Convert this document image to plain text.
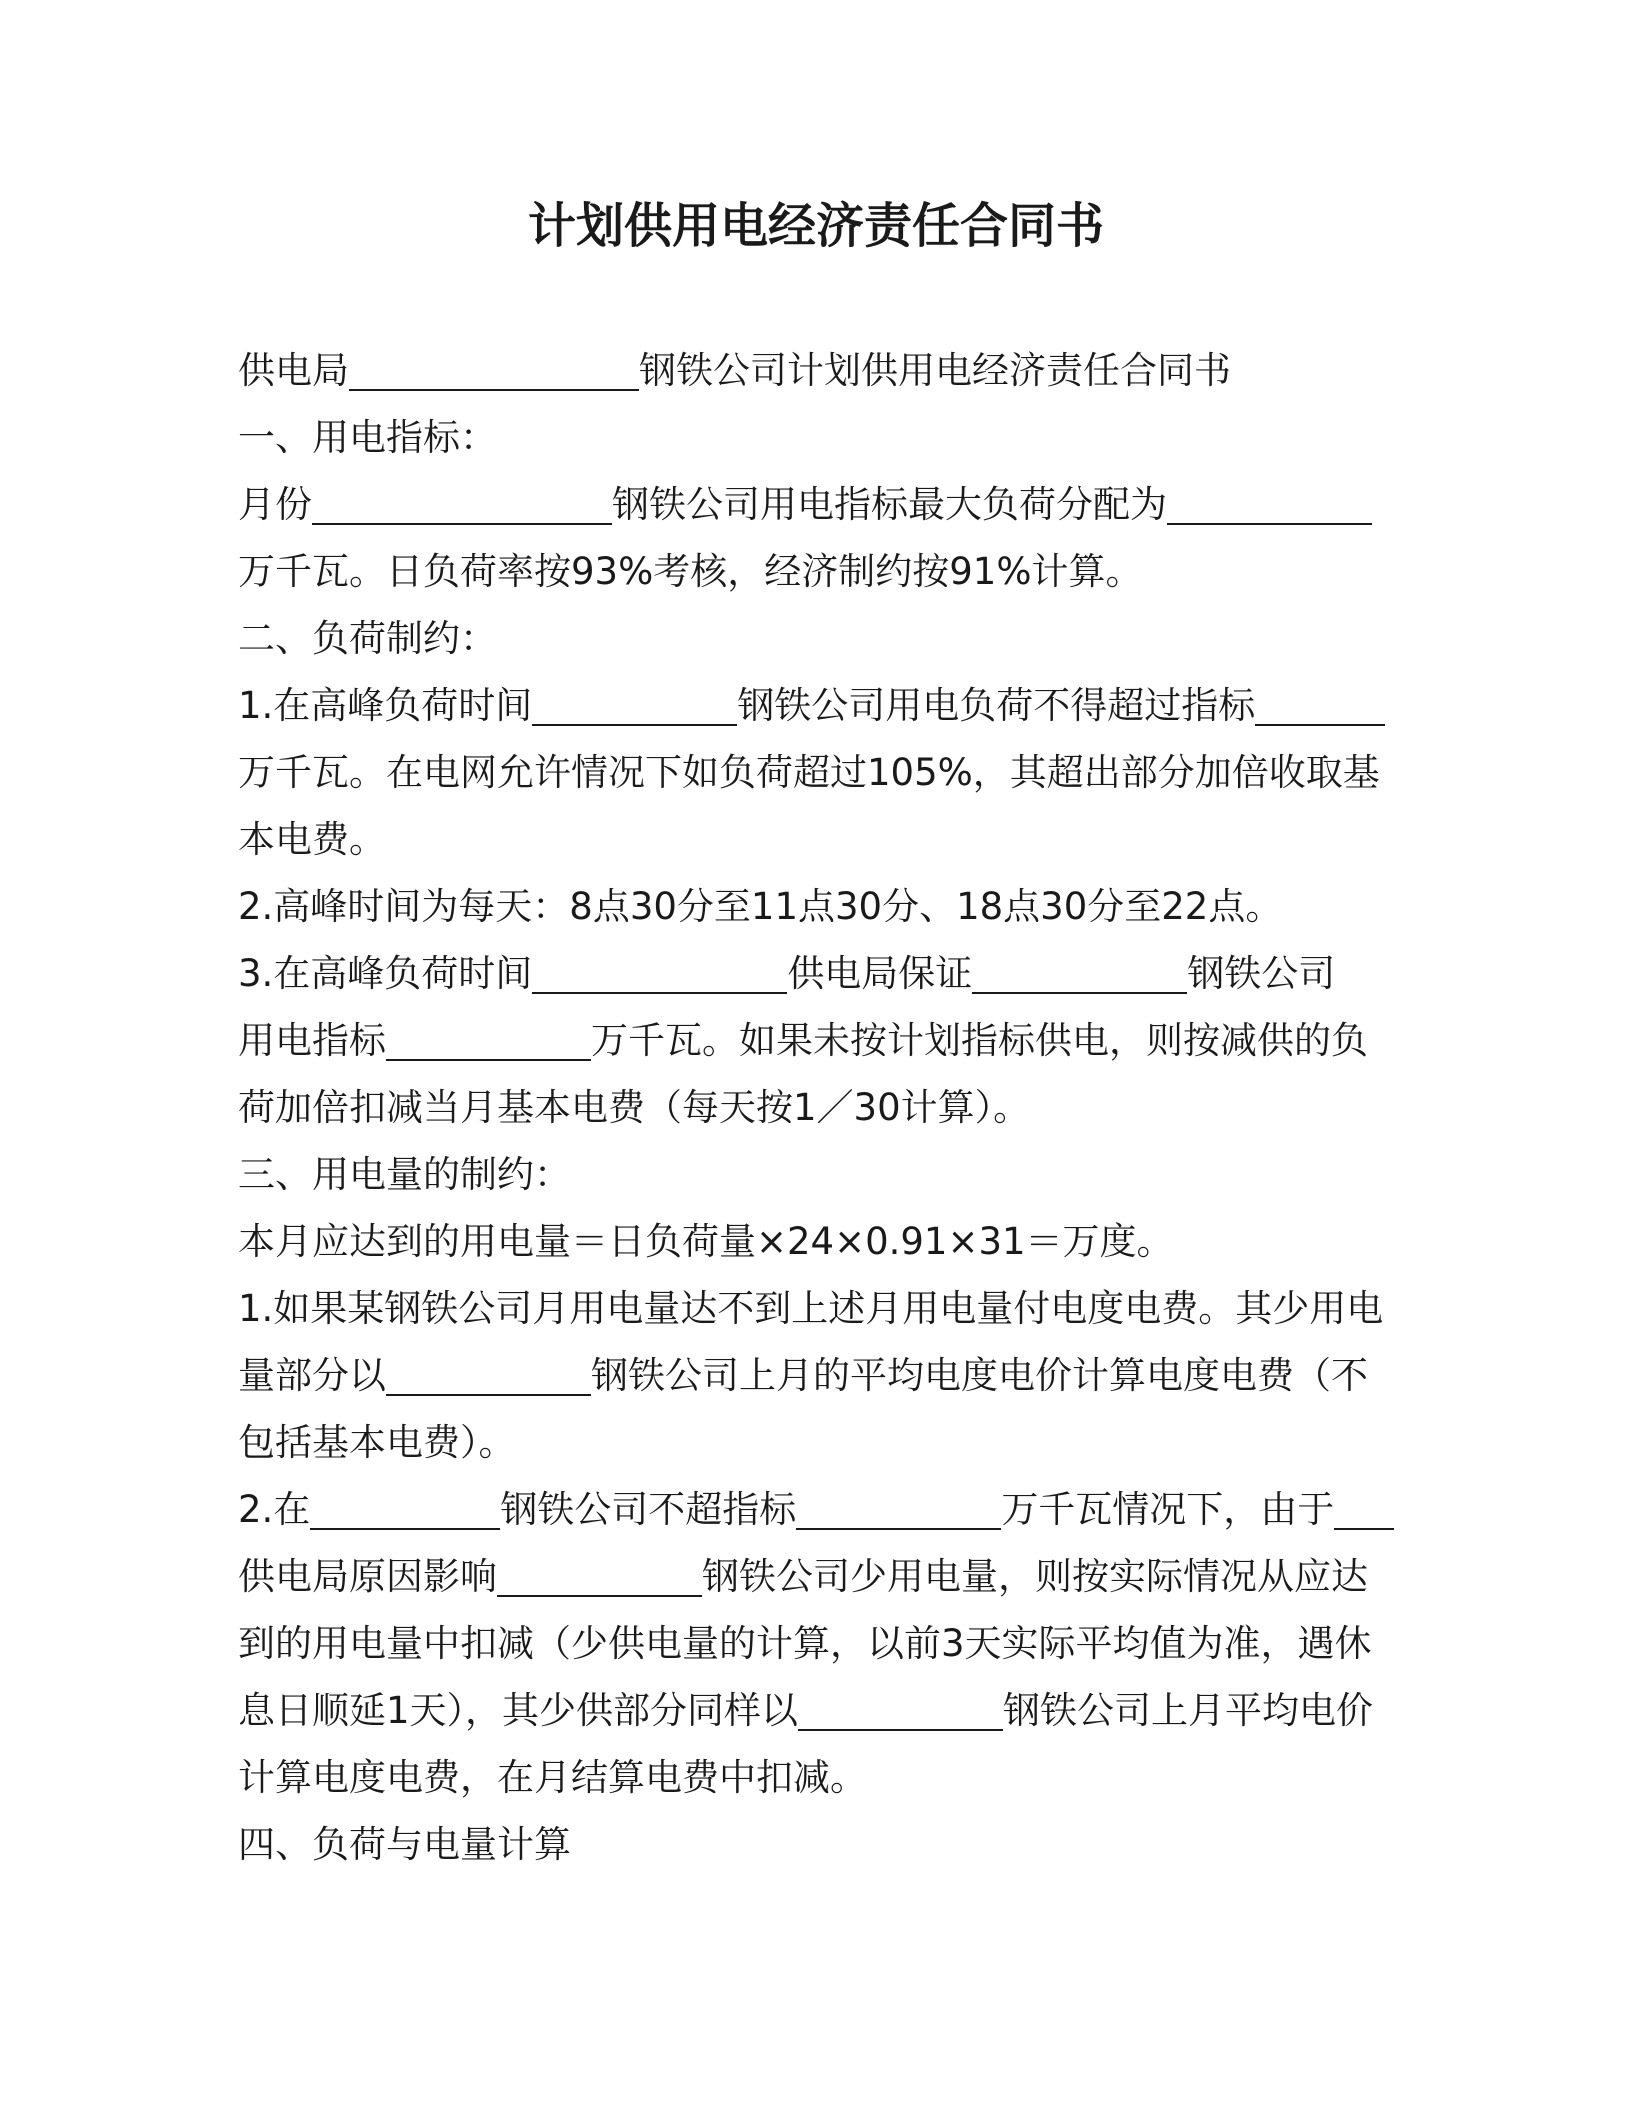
计划供用电经济责任合同书
供电局	钢铁公司计划供用电经济责任合同书
一、用电指标：
月份	钢铁公司用电指标最大负荷分配为
万千瓦。日负荷率按93%考核，经济制约按91%计算。
二、负荷制约：
1.在高峰负荷时间	钢铁公司用电负荷不得超过指标
万千瓦。在电网允许情况下如负荷超过105%，其超出部分加倍收取基
本电费。
2.高峰时间为每天：8点30分至11点30分、18点30分至22点。
3.在高峰负荷时间	供电局保证	钢铁公司
用电指标	万千瓦。如果未按计划指标供电，则按减供的负
荷加倍扣减当月基本电费（每天按1／30计算）。
三、用电量的制约：
本月应达到的用电量＝日负荷量×24×0.91×31＝万度。
1.如果某钢铁公司月用电量达不到上述月用电量付电度电费。其少用电
量部分以	钢铁公司上月的平均电度电价计算电度电费（不
包括基本电费）。
2.在	钢铁公司不超指标	万千瓦情况下，由于
供电局原因影响	钢铁公司少用电量，则按实际情况从应达
到的用电量中扣减（少供电量的计算，以前3天实际平均值为准，遇休
息日顺延1天），其少供部分同样以	钢铁公司上月平均电价
计算电度电费，在月结算电费中扣减。
四、负荷与电量计算
